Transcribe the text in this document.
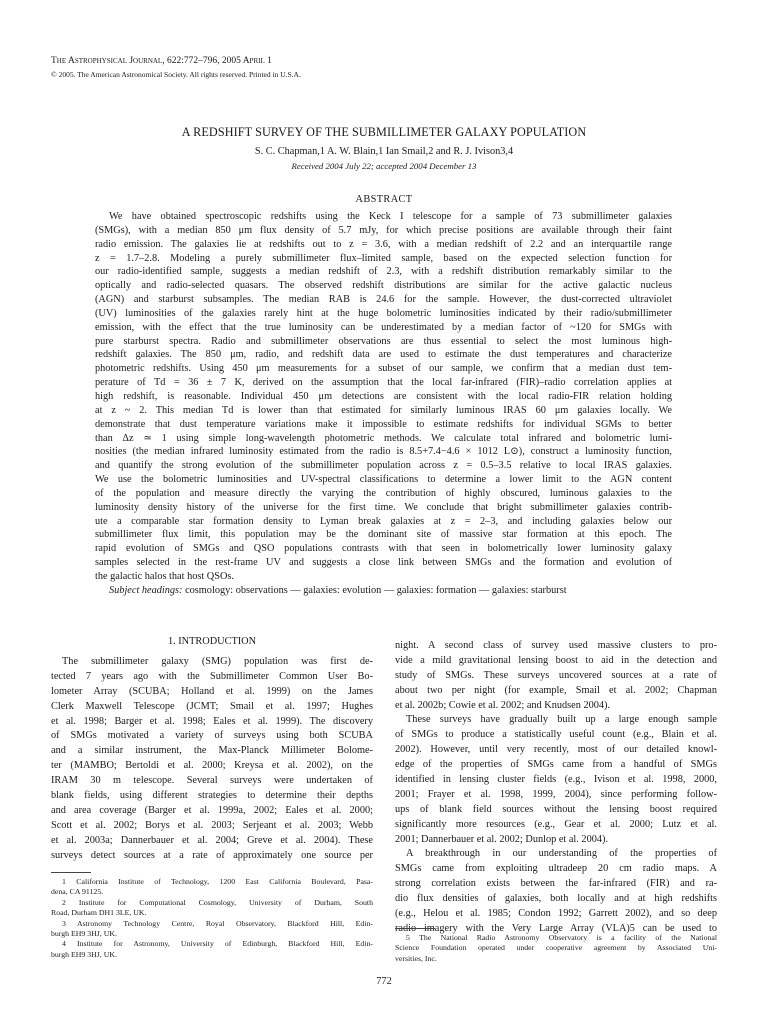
The Astrophysical Journal, 622:772–796, 2005 April 1
© 2005. The American Astronomical Society. All rights reserved. Printed in U.S.A.
A REDSHIFT SURVEY OF THE SUBMILLIMETER GALAXY POPULATION
S. C. Chapman,1 A. W. Blain,1 Ian Smail,2 and R. J. Ivison3,4
Received 2004 July 22; accepted 2004 December 13
ABSTRACT
We have obtained spectroscopic redshifts using the Keck I telescope for a sample of 73 submillimeter galaxies
(SMGs), with a median 850 μm flux density of 5.7 mJy, for which precise positions are available through their faint
radio emission. The galaxies lie at redshifts out to z = 3.6, with a median redshift of 2.2 and an interquartile range
z = 1.7–2.8. Modeling a purely submillimeter flux–limited sample, based on the expected selection function for
our radio-identified sample, suggests a median redshift of 2.3, with a redshift distribution remarkably similar to the
optically and radio-selected quasars. The observed redshift distributions are similar for the active galactic nucleus
(AGN) and starburst subsamples. The median RAB is 24.6 for the sample. However, the dust-corrected ultraviolet
(UV) luminosities of the galaxies rarely hint at the huge bolometric luminosities indicated by their radio/submillimeter
emission, with the effect that the true luminosity can be underestimated by a median factor of ~120 for SMGs with
pure starburst spectra. Radio and submillimeter observations are thus essential to select the most luminous high-
redshift galaxies. The 850 μm, radio, and redshift data are used to estimate the dust temperatures and characterize
photometric redshifts. Using 450 μm measurements for a subset of our sample, we confirm that a median dust tem-
perature of Td = 36 ± 7 K, derived on the assumption that the local far-infrared (FIR)–radio correlation applies at
high redshift, is reasonable. Individual 450 μm detections are consistent with the local radio-FIR relation holding
at z ~ 2. This median Td is lower than that estimated for similarly luminous IRAS 60 μm galaxies locally. We
demonstrate that dust temperature variations make it impossible to estimate redshifts for individual SGMs to better
than Δz ≃ 1 using simple long-wavelength photometric methods. We calculate total infrared and bolometric lumi-
nosities (the median infrared luminosity estimated from the radio is 8.5+7.4−4.6 × 1012 L⊙), construct a luminosity function,
and quantify the strong evolution of the submillimeter population across z = 0.5–3.5 relative to local IRAS galaxies.
We use the bolometric luminosities and UV-spectral classifications to determine a lower limit to the AGN content
of the population and measure directly the varying the contribution of highly obscured, luminous galaxies to the
luminosity density history of the universe for the first time. We conclude that bright submillimeter galaxies contrib-
ute a comparable star formation density to Lyman break galaxies at z = 2–3, and including galaxies below our
submillimeter flux limit, this population may be the dominant site of massive star formation at this epoch. The
rapid evolution of SMGs and QSO populations contrasts with that seen in bolometrically lower luminosity galaxy
samples selected in the rest-frame UV and suggests a close link between SMGs and the formation and evolution of
the galactic halos that host QSOs.
Subject headings: cosmology: observations — galaxies: evolution — galaxies: formation — galaxies: starburst
1. INTRODUCTION
The submillimeter galaxy (SMG) population was first de-
tected 7 years ago with the Submillimeter Common User Bo-
lometer Array (SCUBA; Holland et al. 1999) on the James
Clerk Maxwell Telescope (JCMT; Smail et al. 1997; Hughes
et al. 1998; Barger et al. 1998; Eales et al. 1999). The discovery
of SMGs motivated a variety of surveys using both SCUBA
and a similar instrument, the Max-Planck Millimeter Bolome-
ter (MAMBO; Bertoldi et al. 2000; Kreysa et al. 2002), on the
IRAM 30 m telescope. Several surveys were undertaken of
blank fields, using different strategies to determine their depths
and area coverage (Barger et al. 1999a, 2002; Eales et al. 2000;
Scott et al. 2002; Borys et al. 2003; Serjeant et al. 2003; Webb
et al. 2003a; Dannerbauer et al. 2004; Greve et al. 2004). These
surveys detect sources at a rate of approximately one source per
night. A second class of survey used massive clusters to pro-
vide a mild gravitational lensing boost to aid in the detection and
study of SMGs. These surveys uncovered sources at a rate of
about two per night (for example, Smail et al. 2002; Chapman
et al. 2002b; Cowie et al. 2002; and Knudsen 2004).
These surveys have gradually built up a large enough sample
of SMGs to produce a statistically useful count (e.g., Blain et al.
2002). However, until very recently, most of our detailed knowl-
edge of the properties of SMGs came from a handful of SMGs
identified in lensing cluster fields (e.g., Ivison et al. 1998, 2000,
2001; Frayer et al. 1998, 1999, 2004), since performing follow-
ups of blank field sources without the lensing boost required
significantly more resources (e.g., Gear et al. 2000; Lutz et al.
2001; Dannerbauer et al. 2002; Dunlop et al. 2004).
A breakthrough in our understanding of the properties of
SMGs came from exploiting ultradeep 20 cm radio maps. A
strong correlation exists between the far-infrared (FIR) and ra-
dio flux densities of galaxies, both locally and at high redshifts
(e.g., Helou et al. 1985; Condon 1992; Garrett 2002), and so deep
radio imagery with the Very Large Array (VLA)5 can be used to
1 California Institute of Technology, 1200 East California Boulevard, Pasa-
dena, CA 91125.
2 Institute for Computational Cosmology, University of Durham, South
Road, Durham DH1 3LE, UK.
3 Astronomy Technology Centre, Royal Observatory, Blackford Hill, Edin-
burgh EH9 3HJ, UK.
4 Institute for Astronomy, University of Edinburgh, Blackford Hill, Edin-
burgh EH9 3HJ, UK.
5 The National Radio Astronomy Observatory is a facility of the National
Science Foundation operated under cooperative agreement by Associated Uni-
versities, Inc.
772
